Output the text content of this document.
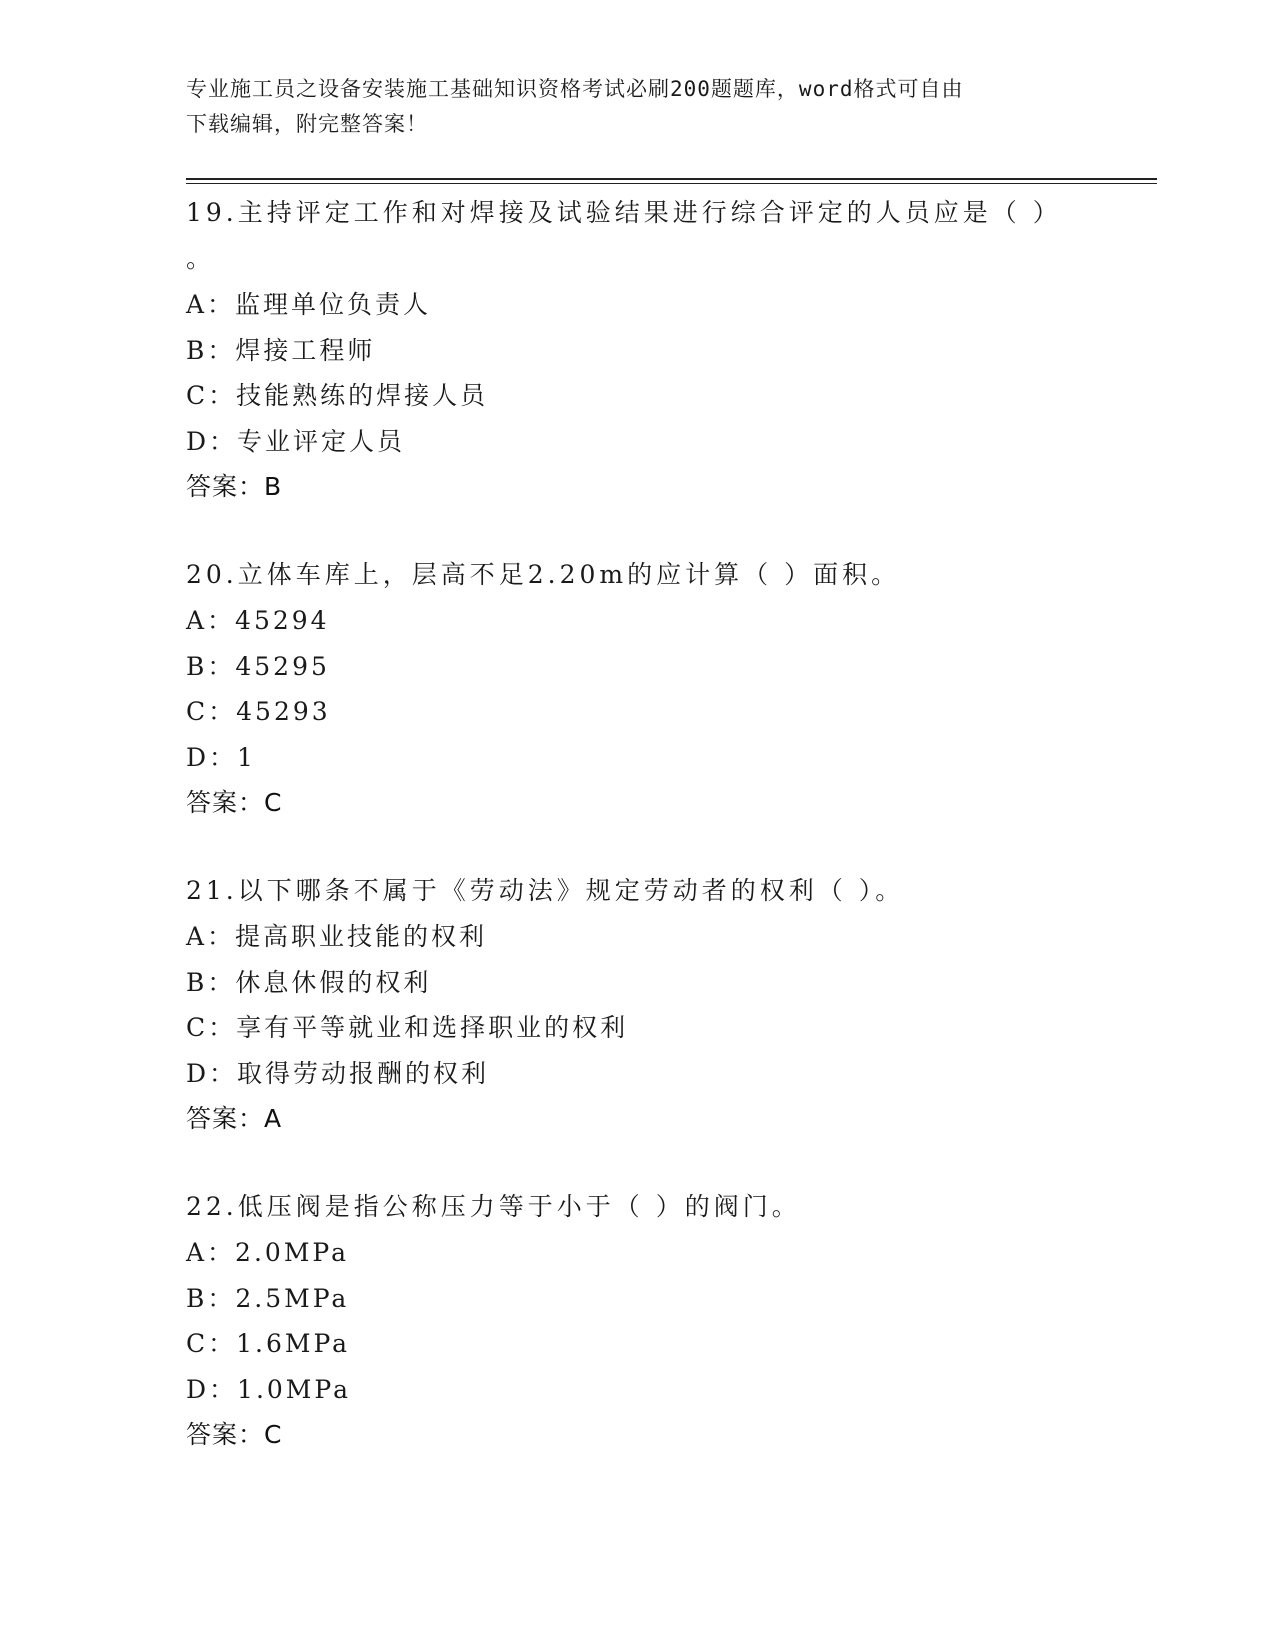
专业施工员之设备安装施工基础知识资格考试必刷200题题库，word格式可自由
下载编辑，附完整答案！

19.主持评定工作和对焊接及试验结果进行综合评定的人员应是（ ）

。

A：监理单位负责人

B：焊接工程师

C：技能熟练的焊接人员

D：专业评定人员

答案：B

20.立体车库上，层高不足2.20m的应计算（ ）面积。

A：45294

B：45295

C：45293

D：1

答案：C

21.以下哪条不属于《劳动法》规定劳动者的权利（ ）。

A：提高职业技能的权利

B：休息休假的权利

C：享有平等就业和选择职业的权利

D：取得劳动报酬的权利

答案：A

22.低压阀是指公称压力等于小于（ ）的阀门。

A：2.0MPa

B：2.5MPa

C：1.6MPa

D：1.0MPa

答案：C
